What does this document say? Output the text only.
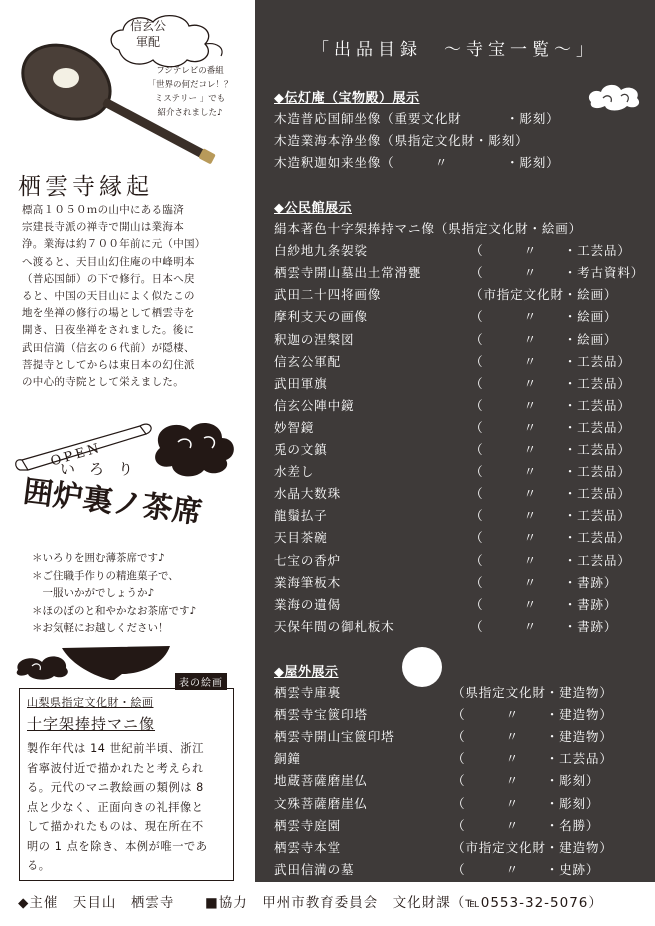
信玄公
軍配
フジテレビの番組
「世界の何だコレ！？
ミステリー 」でも
紹介されました♪
栖雲寺縁起
標高１０５０ｍの山中にある臨済
宗建長寺派の禅寺で開山は業海本
浄。業海は約７００年前に元（中国）
へ渡ると、天目山幻住庵の中峰明本
（普応国師）の下で修行。日本へ戻
ると、中国の天目山によく似たこの
地を坐禅の修行の場として栖雲寺を
開き、日夜坐禅をされました。後に
武田信満（信玄の６代前）が隠棲、
菩提寺としてからは東日本の幻住派
の中心的寺院として栄えました。
OPEN
いろり
囲炉裏ノ茶席
＊いろりを囲む薄茶席です♪
＊ご住職手作りの精進菓子で、
　一服いかがでしょうか♪
＊ほのぼのと和やかなお茶席です♪
＊お気軽にお越しください！
表の絵画
山梨県指定文化財・絵画
十字架捧持マニ像
製作年代は 14 世紀前半頃、浙江
省寧波付近で描かれたと考えられ
る。元代のマニ教絵画の類例は 8
点と少なく、正面向きの礼拝像と
して描かれたものは、現在所在不
明の 1 点を除き、本例が唯一であ
る。
「出品目録　～寺宝一覧～」
◆伝灯庵（宝物殿）展示
木造普応国師坐像（重要文化財	・彫刻）
木造業海本浄坐像（県指定文化財・彫刻）
木造釈迦如来坐像（　　　〃　	・彫刻）
◆公民館展示
絹本著色十字架捧持マニ像（県指定文化財・絵画）
白紗地九条袈裟	（　　　〃　　・工芸品）
栖雲寺開山墓出土常滑甕	（　　　〃　　・考古資料）
武田二十四将画像	（市指定文化財・絵画）
摩利支天の画像	（　　　〃　　・絵画）
釈迦の涅槃図	（　　　〃　　・絵画）
信玄公軍配	（　　　〃　　・工芸品）
武田軍旗	（　　　〃　　・工芸品）
信玄公陣中鏡	（　　　〃　　・工芸品）
妙智鏡	（　　　〃　　・工芸品）
兎の文鎮	（　　　〃　　・工芸品）
水差し	（　　　〃　　・工芸品）
水晶大数珠	（　　　〃　　・工芸品）
龍鬚払子	（　　　〃　　・工芸品）
天目茶碗	（　　　〃　　・工芸品）
七宝の香炉	（　　　〃　　・工芸品）
業海筆板木	（　　　〃　　・書跡）
業海の遺偈	（　　　〃　　・書跡）
天保年間の御札板木	（　　　〃　　・書跡）
◆屋外展示
栖雲寺庫裏	（県指定文化財・建造物）
栖雲寺宝篋印塔	（　　　〃　　・建造物）
栖雲寺開山宝篋印塔	（　　　〃　　・建造物）
銅鐘	（　　　〃　　・工芸品）
地蔵菩薩磨崖仏	（　　　〃　　・彫刻）
文殊菩薩磨崖仏	（　　　〃　　・彫刻）
栖雲寺庭園	（　　　〃　　・名勝）
栖雲寺本堂	（市指定文化財・建造物）
武田信満の墓	（　　　〃　　・史跡）
◆主催　天目山　栖雲寺 ■協力　甲州市教育委員会　文化財課（℡0553-32-5076）
